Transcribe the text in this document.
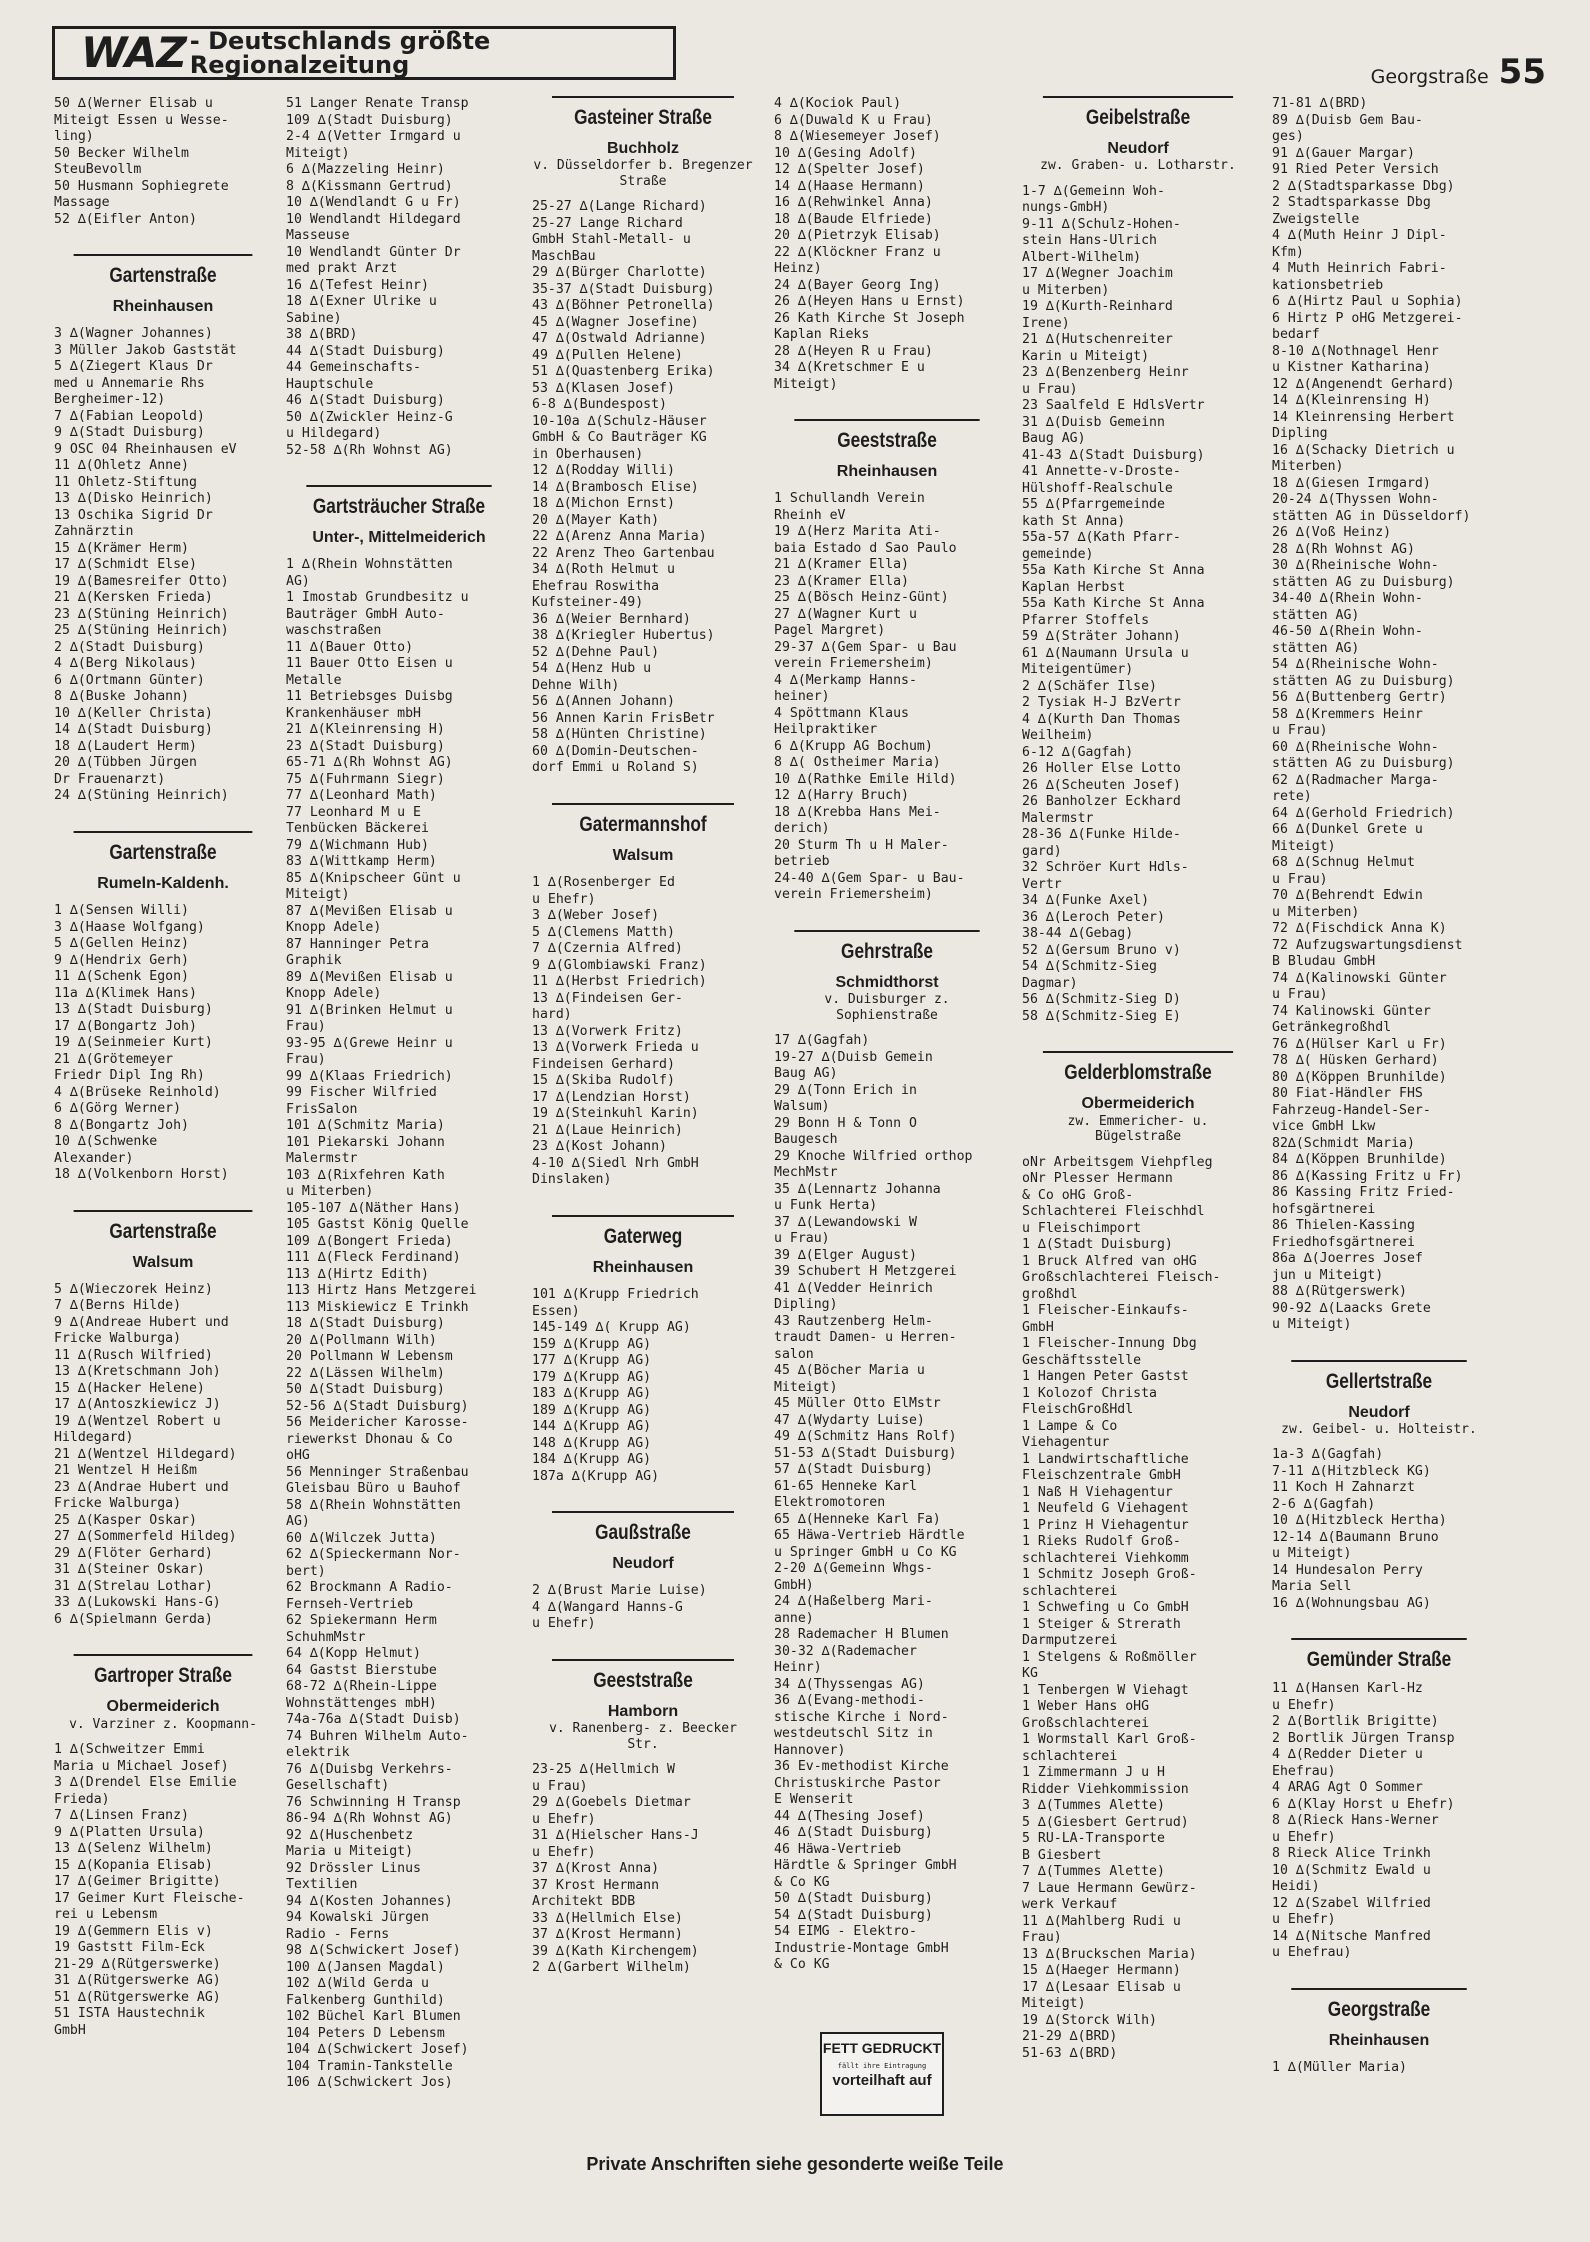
WAZ - Deutschlands größte Regionalzeitung	Georgstraße 55
50 ∆(Werner Elisab u
Miteigt Essen u Wesse-
ling)
50 Becker Wilhelm
SteuBevollm
50 Husmann Sophiegrete
Massage
52 ∆(Eifler Anton)
Gartenstraße
Rheinhausen
3 ∆(Wagner Johannes)
3 Müller Jakob Gaststät
5 ∆(Ziegert Klaus Dr
med u Annemarie Rhs
Bergheimer-12)
7 ∆(Fabian Leopold)
9 ∆(Stadt Duisburg)
9 OSC 04 Rheinhausen eV
11 ∆(Ohletz Anne)
11 Ohletz-Stiftung
13 ∆(Disko Heinrich)
13 Oschika Sigrid Dr
Zahnärztin
15 ∆(Krämer Herm)
17 ∆(Schmidt Else)
19 ∆(Bamesreifer Otto)
21 ∆(Kersken Frieda)
23 ∆(Stüning Heinrich)
25 ∆(Stüning Heinrich)
2 ∆(Stadt Duisburg)
4 ∆(Berg Nikolaus)
6 ∆(Ortmann Günter)
8 ∆(Buske Johann)
10 ∆(Keller Christa)
14 ∆(Stadt Duisburg)
18 ∆(Laudert Herm)
20 ∆(Tübben Jürgen
Dr Frauenarzt)
24 ∆(Stüning Heinrich)
Gartenstraße
Rumeln-Kaldenh.
1 ∆(Sensen Willi)
3 ∆(Haase Wolfgang)
5 ∆(Gellen Heinz)
9 ∆(Hendrix Gerh)
11 ∆(Schenk Egon)
11a ∆(Klimek Hans)
13 ∆(Stadt Duisburg)
17 ∆(Bongartz Joh)
19 ∆(Seinmeier Kurt)
21 ∆(Grötemeyer
Friedr Dipl Ing Rh)
4 ∆(Brüseke Reinhold)
6 ∆(Görg Werner)
8 ∆(Bongartz Joh)
10 ∆(Schwenke
Alexander)
18 ∆(Volkenborn Horst)
Gartenstraße
Walsum
5 ∆(Wieczorek Heinz)
7 ∆(Berns Hilde)
9 ∆(Andreae Hubert und
Fricke Walburga)
11 ∆(Rusch Wilfried)
13 ∆(Kretschmann Joh)
15 ∆(Hacker Helene)
17 ∆(Antoszkiewicz J)
19 ∆(Wentzel Robert u
Hildegard)
21 ∆(Wentzel Hildegard)
21 Wentzel H Heißm
23 ∆(Andrae Hubert und
Fricke Walburga)
25 ∆(Kasper Oskar)
27 ∆(Sommerfeld Hildeg)
29 ∆(Flöter Gerhard)
31 ∆(Steiner Oskar)
31 ∆(Strelau Lothar)
33 ∆(Lukowski Hans-G)
6 ∆(Spielmann Gerda)
Gartroper Straße
Obermeiderich
v. Varziner z. Koopmann-
1 ∆(Schweitzer Emmi
Maria u Michael Josef)
3 ∆(Drendel Else Emilie
Frieda)
7 ∆(Linsen Franz)
9 ∆(Platten Ursula)
13 ∆(Selenz Wilhelm)
15 ∆(Kopania Elisab)
17 ∆(Geimer Brigitte)
17 Geimer Kurt Fleische-
rei u Lebensm
19 ∆(Gemmern Elis v)
19 Gaststt Film-Eck
21-29 ∆(Rütgerswerke)
31 ∆(Rütgerswerke AG)
51 ∆(Rütgerswerke AG)
51 ISTA Haustechnik
GmbH
51 Langer Renate Transp
109 ∆(Stadt Duisburg)
2-4 ∆(Vetter Irmgard u
Miteigt)
6 ∆(Mazzeling Heinr)
8 ∆(Kissmann Gertrud)
10 ∆(Wendlandt G u Fr)
10 Wendlandt Hildegard
Masseuse
10 Wendlandt Günter Dr
med prakt Arzt
16 ∆(Tefest Heinr)
18 ∆(Exner Ulrike u
Sabine)
38 ∆(BRD)
44 ∆(Stadt Duisburg)
44 Gemeinschafts-
Hauptschule
46 ∆(Stadt Duisburg)
50 ∆(Zwickler Heinz-G
u Hildegard)
52-58 ∆(Rh Wohnst AG)
Gartsträucher Straße
Unter-, Mittelmeiderich
1 ∆(Rhein Wohnstätten
AG)
1 Imostab Grundbesitz u
Bauträger GmbH Auto-
waschstraßen
11 ∆(Bauer Otto)
11 Bauer Otto Eisen u
Metalle
11 Betriebsges Duisbg
Krankenhäuser mbH
21 ∆(Kleinrensing H)
23 ∆(Stadt Duisburg)
65-71 ∆(Rh Wohnst AG)
75 ∆(Fuhrmann Siegr)
77 ∆(Leonhard Math)
77 Leonhard M u E
Tenbücken Bäckerei
79 ∆(Wichmann Hub)
83 ∆(Wittkamp Herm)
85 ∆(Knipscheer Günt u
Miteigt)
87 ∆(Mevißen Elisab u
Knopp Adele)
87 Hanninger Petra
Graphik
89 ∆(Mevißen Elisab u
Knopp Adele)
91 ∆(Brinken Helmut u
Frau)
93-95 ∆(Grewe Heinr u
Frau)
99 ∆(Klaas Friedrich)
99 Fischer Wilfried
FrisSalon
101 ∆(Schmitz Maria)
101 Piekarski Johann
Malermstr
103 ∆(Rixfehren Kath
u Miterben)
105-107 ∆(Näther Hans)
105 Gastst König Quelle
109 ∆(Bongert Frieda)
111 ∆(Fleck Ferdinand)
113 ∆(Hirtz Edith)
113 Hirtz Hans Metzgerei
113 Miskiewicz E Trinkh
18 ∆(Stadt Duisburg)
20 ∆(Pollmann Wilh)
20 Pollmann W Lebensm
22 ∆(Lässen Wilhelm)
50 ∆(Stadt Duisburg)
52-56 ∆(Stadt Duisburg)
56 Meidericher Karosse-
riewerkst Dhonau & Co
oHG
56 Menninger Straßenbau
Gleisbau Büro u Bauhof
58 ∆(Rhein Wohnstätten
AG)
60 ∆(Wilczek Jutta)
62 ∆(Spieckermann Nor-
bert)
62 Brockmann A Radio-
Fernseh-Vertrieb
62 Spiekermann Herm
SchuhmMstr
64 ∆(Kopp Helmut)
64 Gastst Bierstube
68-72 ∆(Rhein-Lippe
Wohnstättenges mbH)
74a-76a ∆(Stadt Duisb)
74 Buhren Wilhelm Auto-
elektrik
76 ∆(Duisbg Verkehrs-
Gesellschaft)
76 Schwinning H Transp
86-94 ∆(Rh Wohnst AG)
92 ∆(Huschenbetz
Maria u Miteigt)
92 Drössler Linus
Textilien
94 ∆(Kosten Johannes)
94 Kowalski Jürgen
Radio - Ferns
98 ∆(Schwickert Josef)
100 ∆(Jansen Magdal)
102 ∆(Wild Gerda u
Falkenberg Gunthild)
102 Büchel Karl Blumen
104 Peters D Lebensm
104 ∆(Schwickert Josef)
104 Tramin-Tankstelle
106 ∆(Schwickert Jos)
Gasteiner Straße
Buchholz
v. Düsseldorfer b. Bregenzer Straße
25-27 ∆(Lange Richard)
25-27 Lange Richard
GmbH Stahl-Metall- u
MaschBau
29 ∆(Bürger Charlotte)
35-37 ∆(Stadt Duisburg)
43 ∆(Böhner Petronella)
45 ∆(Wagner Josefine)
47 ∆(Ostwald Adrianne)
49 ∆(Pullen Helene)
51 ∆(Quastenberg Erika)
53 ∆(Klasen Josef)
6-8 ∆(Bundespost)
10-10a ∆(Schulz-Häuser
GmbH & Co Bauträger KG
in Oberhausen)
12 ∆(Rodday Willi)
14 ∆(Brambosch Elise)
18 ∆(Michon Ernst)
20 ∆(Mayer Kath)
22 ∆(Arenz Anna Maria)
22 Arenz Theo Gartenbau
34 ∆(Roth Helmut u
Ehefrau Roswitha
Kufsteiner-49)
36 ∆(Weier Bernhard)
38 ∆(Kriegler Hubertus)
52 ∆(Dehne Paul)
54 ∆(Henz Hub u
Dehne Wilh)
56 ∆(Annen Johann)
56 Annen Karin FrisBetr
58 ∆(Hünten Christine)
60 ∆(Domin-Deutschen-
dorf Emmi u Roland S)
Gatermannshof
Walsum
1 ∆(Rosenberger Ed
u Ehefr)
3 ∆(Weber Josef)
5 ∆(Clemens Matth)
7 ∆(Czernia Alfred)
9 ∆(Glombiawski Franz)
11 ∆(Herbst Friedrich)
13 ∆(Findeisen Ger-
hard)
13 ∆(Vorwerk Fritz)
13 ∆(Vorwerk Frieda u
Findeisen Gerhard)
15 ∆(Skiba Rudolf)
17 ∆(Lendzian Horst)
19 ∆(Steinkuhl Karin)
21 ∆(Laue Heinrich)
23 ∆(Kost Johann)
4-10 ∆(Siedl Nrh GmbH
Dinslaken)
Gaterweg
Rheinhausen
101 ∆(Krupp Friedrich
Essen)
145-149 ∆( Krupp AG)
159 ∆(Krupp AG)
177 ∆(Krupp AG)
179 ∆(Krupp AG)
183 ∆(Krupp AG)
189 ∆(Krupp AG)
144 ∆(Krupp AG)
148 ∆(Krupp AG)
184 ∆(Krupp AG)
187a ∆(Krupp AG)
Gaußstraße
Neudorf
2 ∆(Brust Marie Luise)
4 ∆(Wangard Hanns-G
u Ehefr)
Geeststraße
Hamborn
v. Ranenberg- z. Beecker Str.
23-25 ∆(Hellmich W
u Frau)
29 ∆(Goebels Dietmar
u Ehefr)
31 ∆(Hielscher Hans-J
u Ehefr)
37 ∆(Krost Anna)
37 Krost Hermann
Architekt BDB
33 ∆(Hellmich Else)
37 ∆(Krost Hermann)
39 ∆(Kath Kirchengem)
2 ∆(Garbert Wilhelm)
4 ∆(Kociok Paul)
6 ∆(Duwald K u Frau)
8 ∆(Wiesemeyer Josef)
10 ∆(Gesing Adolf)
12 ∆(Spelter Josef)
14 ∆(Haase Hermann)
16 ∆(Rehwinkel Anna)
18 ∆(Baude Elfriede)
20 ∆(Pietrzyk Elisab)
22 ∆(Klöckner Franz u
Heinz)
24 ∆(Bayer Georg Ing)
26 ∆(Heyen Hans u Ernst)
26 Kath Kirche St Joseph
Kaplan Rieks
28 ∆(Heyen R u Frau)
34 ∆(Kretschmer E u
Miteigt)
Geeststraße
Rheinhausen
1 Schullandh Verein
Rheinh eV
19 ∆(Herz Marita Ati-
baia Estado d Sao Paulo
21 ∆(Kramer Ella)
23 ∆(Kramer Ella)
25 ∆(Bösch Heinz-Günt)
27 ∆(Wagner Kurt u
Pagel Margret)
29-37 ∆(Gem Spar- u Bau
verein Friemersheim)
4 ∆(Merkamp Hanns-
heiner)
4 Spöttmann Klaus
Heilpraktiker
6 ∆(Krupp AG Bochum)
8 ∆( Ostheimer Maria)
10 ∆(Rathke Emile Hild)
12 ∆(Harry Bruch)
18 ∆(Krebba Hans Mei-
derich)
20 Sturm Th u H Maler-
betrieb
24-40 ∆(Gem Spar- u Bau-
verein Friemersheim)
Gehrstraße
Schmidthorst
v. Duisburger z. Sophienstraße
17 ∆(Gagfah)
19-27 ∆(Duisb Gemein
Baug AG)
29 ∆(Tonn Erich in
Walsum)
29 Bonn H & Tonn O
Baugesch
29 Knoche Wilfried orthop
MechMstr
35 ∆(Lennartz Johanna
u Funk Herta)
37 ∆(Lewandowski W
u Frau)
39 ∆(Elger August)
39 Schubert H Metzgerei
41 ∆(Vedder Heinrich
Dipling)
43 Rautzenberg Helm-
traudt Damen- u Herren-
salon
45 ∆(Böcher Maria u
Miteigt)
45 Müller Otto ElMstr
47 ∆(Wydarty Luise)
49 ∆(Schmitz Hans Rolf)
51-53 ∆(Stadt Duisburg)
57 ∆(Stadt Duisburg)
61-65 Henneke Karl
Elektromotoren
65 ∆(Henneke Karl Fa)
65 Häwa-Vertrieb Härdtle
u Springer GmbH u Co KG
2-20 ∆(Gemeinn Whgs-
GmbH)
24 ∆(Haßelberg Mari-
anne)
28 Rademacher H Blumen
30-32 ∆(Rademacher
Heinr)
34 ∆(Thyssengas AG)
36 ∆(Evang-methodi-
stische Kirche i Nord-
westdeutschl Sitz in
Hannover)
36 Ev-methodist Kirche
Christuskirche Pastor
E Wenserit
44 ∆(Thesing Josef)
46 ∆(Stadt Duisburg)
46 Häwa-Vertrieb
Härdtle & Springer GmbH
& Co KG
50 ∆(Stadt Duisburg)
54 ∆(Stadt Duisburg)
54 EIMG - Elektro-
Industrie-Montage GmbH
& Co KG
Geibelstraße
Neudorf
zw. Graben- u. Lotharstr.
1-7 ∆(Gemeinn Woh-
nungs-GmbH)
9-11 ∆(Schulz-Hohen-
stein Hans-Ulrich
Albert-Wilhelm)
17 ∆(Wegner Joachim
u Miterben)
19 ∆(Kurth-Reinhard
Irene)
21 ∆(Hutschenreiter
Karin u Miteigt)
23 ∆(Benzenberg Heinr
u Frau)
23 Saalfeld E HdlsVertr
31 ∆(Duisb Gemeinn
Baug AG)
41-43 ∆(Stadt Duisburg)
41 Annette-v-Droste-
Hülshoff-Realschule
55 ∆(Pfarrgemeinde
kath St Anna)
55a-57 ∆(Kath Pfarr-
gemeinde)
55a Kath Kirche St Anna
Kaplan Herbst
55a Kath Kirche St Anna
Pfarrer Stoffels
59 ∆(Sträter Johann)
61 ∆(Naumann Ursula u
Miteigentümer)
2 ∆(Schäfer Ilse)
2 Tysiak H-J BzVertr
4 ∆(Kurth Dan Thomas
Weilheim)
6-12 ∆(Gagfah)
26 Holler Else Lotto
26 ∆(Scheuten Josef)
26 Banholzer Eckhard
Malermstr
28-36 ∆(Funke Hilde-
gard)
32 Schröer Kurt Hdls-
Vertr
34 ∆(Funke Axel)
36 ∆(Leroch Peter)
38-44 ∆(Gebag)
52 ∆(Gersum Bruno v)
54 ∆(Schmitz-Sieg
Dagmar)
56 ∆(Schmitz-Sieg D)
58 ∆(Schmitz-Sieg E)
Gelderblomstraße
Obermeiderich
zw. Emmericher- u. Bügelstraße
oNr Arbeitsgem Viehpfleg
oNr Plesser Hermann
& Co oHG Groß-
Schlachterei Fleischhdl
u Fleischimport
1 ∆(Stadt Duisburg)
1 Bruck Alfred van oHG
Großschlachterei Fleisch-
großhdl
1 Fleischer-Einkaufs-
GmbH
1 Fleischer-Innung Dbg
Geschäftsstelle
1 Hangen Peter Gastst
1 Kolozof Christa
FleischGroßHdl
1 Lampe & Co
Viehagentur
1 Landwirtschaftliche
Fleischzentrale GmbH
1 Naß H Viehagentur
1 Neufeld G Viehagent
1 Prinz H Viehagentur
1 Rieks Rudolf Groß-
schlachterei Viehkomm
1 Schmitz Joseph Groß-
schlachterei
1 Schwefing u Co GmbH
1 Steiger & Strerath
Darmputzerei
1 Stelgens & Roßmöller
KG
1 Tenbergen W Viehagt
1 Weber Hans oHG
Großschlachterei
1 Wormstall Karl Groß-
schlachterei
1 Zimmermann J u H
Ridder Viehkommission
3 ∆(Tummes Alette)
5 ∆(Giesbert Gertrud)
5 RU-LA-Transporte
B Giesbert
7 ∆(Tummes Alette)
7 Laue Hermann Gewürz-
werk Verkauf
11 ∆(Mahlberg Rudi u
Frau)
13 ∆(Bruckschen Maria)
15 ∆(Haeger Hermann)
17 ∆(Lesaar Elisab u
Miteigt)
19 ∆(Storck Wilh)
21-29 ∆(BRD)
51-63 ∆(BRD)
71-81 ∆(BRD)
89 ∆(Duisb Gem Bau-
ges)
91 ∆(Gauer Margar)
91 Ried Peter Versich
2 ∆(Stadtsparkasse Dbg)
2 Stadtsparkasse Dbg
Zweigstelle
4 ∆(Muth Heinr J Dipl-
Kfm)
4 Muth Heinrich Fabri-
kationsbetrieb
6 ∆(Hirtz Paul u Sophia)
6 Hirtz P oHG Metzgerei-
bedarf
8-10 ∆(Nothnagel Henr
u Kistner Katharina)
12 ∆(Angenendt Gerhard)
14 ∆(Kleinrensing H)
14 Kleinrensing Herbert
Dipling
16 ∆(Schacky Dietrich u
Miterben)
18 ∆(Giesen Irmgard)
20-24 ∆(Thyssen Wohn-
stätten AG in Düsseldorf)
26 ∆(Voß Heinz)
28 ∆(Rh Wohnst AG)
30 ∆(Rheinische Wohn-
stätten AG zu Duisburg)
34-40 ∆(Rhein Wohn-
stätten AG)
46-50 ∆(Rhein Wohn-
stätten AG)
54 ∆(Rheinische Wohn-
stätten AG zu Duisburg)
56 ∆(Buttenberg Gertr)
58 ∆(Kremmers Heinr
u Frau)
60 ∆(Rheinische Wohn-
stätten AG zu Duisburg)
62 ∆(Radmacher Marga-
rete)
64 ∆(Gerhold Friedrich)
66 ∆(Dunkel Grete u
Miteigt)
68 ∆(Schnug Helmut
u Frau)
70 ∆(Behrendt Edwin
u Miterben)
72 ∆(Fischdick Anna K)
72 Aufzugswartungsdienst
B Bludau GmbH
74 ∆(Kalinowski Günter
u Frau)
74 Kalinowski Günter
Getränkegroßhdl
76 ∆(Hülser Karl u Fr)
78 ∆( Hüsken Gerhard)
80 ∆(Köppen Brunhilde)
80 Fiat-Händler FHS
Fahrzeug-Handel-Ser-
vice GmbH Lkw
82∆(Schmidt Maria)
84 ∆(Köppen Brunhilde)
86 ∆(Kassing Fritz u Fr)
86 Kassing Fritz Fried-
hofsgärtnerei
86 Thielen-Kassing
Friedhofsgärtnerei
86a ∆(Joerres Josef
jun u Miteigt)
88 ∆(Rütgerswerk)
90-92 ∆(Laacks Grete
u Miteigt)
Gellertstraße
Neudorf
zw. Geibel- u. Holteistr.
1a-3 ∆(Gagfah)
7-11 ∆(Hitzbleck KG)
11 Koch H Zahnarzt
2-6 ∆(Gagfah)
10 ∆(Hitzbleck Hertha)
12-14 ∆(Baumann Bruno
u Miteigt)
14 Hundesalon Perry
Maria Sell
16 ∆(Wohnungsbau AG)
Gemünder Straße
11 ∆(Hansen Karl-Hz
u Ehefr)
2 ∆(Bortlik Brigitte)
2 Bortlik Jürgen Transp
4 ∆(Redder Dieter u
Ehefrau)
4 ARAG Agt O Sommer
6 ∆(Klay Horst u Ehefr)
8 ∆(Rieck Hans-Werner
u Ehefr)
8 Rieck Alice Trinkh
10 ∆(Schmitz Ewald u
Heidi)
12 ∆(Szabel Wilfried
u Ehefr)
14 ∆(Nitsche Manfred
u Ehefrau)
Georgstraße
Rheinhausen
1 ∆(Müller Maria)
FETT GEDRUCKT
fällt ihre Eintragung
vorteilhaft auf
Private Anschriften siehe gesonderte weiße Teile
